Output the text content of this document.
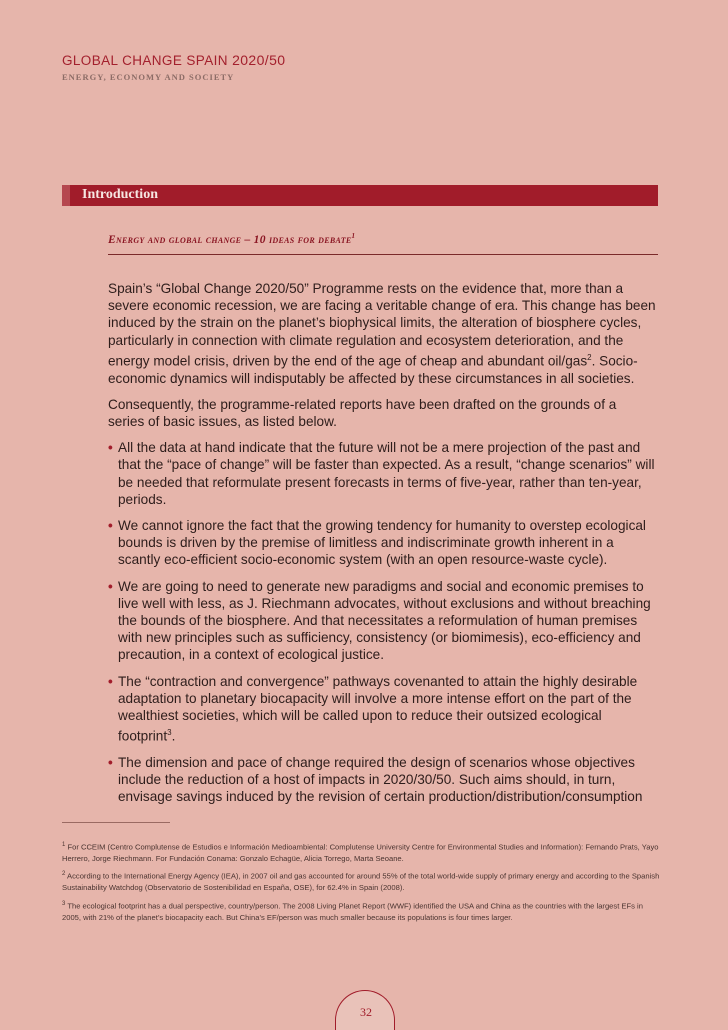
GLOBAL CHANGE SPAIN 2020/50
ENERGY, ECONOMY AND SOCIETY
Introduction
Energy and global change – 10 ideas for debate$^1$

Spain’s “Global Change 2020/50” Programme rests on the evidence that, more than a severe economic recession, we are facing a veritable change of era. This change has been induced by the strain on the planet’s biophysical limits, the alteration of biosphere cycles, particularly in connection with climate regulation and ecosystem deterioration, and the energy model crisis, driven by the end of the age of cheap and abundant oil/gas$^2$. Socio-economic dynamics will indisputably be affected by these circumstances in all societies.

Consequently, the programme-related reports have been drafted on the grounds of a series of basic issues, as listed below.

• All the data at hand indicate that the future will not be a mere projection of the past and that the “pace of change” will be faster than expected. As a result, “change scenarios” will be needed that reformulate present forecasts in terms of five-year, rather than ten-year, periods.
• We cannot ignore the fact that the growing tendency for humanity to overstep ecological bounds is driven by the premise of limitless and indiscriminate growth inherent in a scantly eco-efficient socio-economic system (with an open resource-waste cycle).
• We are going to need to generate new paradigms and social and economic premises to live well with less, as J. Riechmann advocates, without exclusions and without breaching the bounds of the biosphere. And that necessitates a reformulation of human premises with new principles such as sufficiency, consistency (or biomimesis), eco-efficiency and precaution, in a context of ecological justice.
• The “contraction and convergence” pathways covenanted to attain the highly desirable adaptation to planetary biocapacity will involve a more intense effort on the part of the wealthiest societies, which will be called upon to reduce their outsized ecological footprint$^3$.
• The dimension and pace of change required the design of scenarios whose objectives include the reduction of a host of impacts in 2020/30/50. Such aims should, in turn, envisage savings induced by the revision of certain production/distribution/consumption

$^1$ For CCEIM (Centro Complutense de Estudios e Información Medioambiental: Complutense University Centre for Environmental Studies and Information): Fernando Prats, Yayo Herrero, Jorge Riechmann. For Fundación Conama: Gonzalo Echagüe, Alicia Torrego, Marta Seoane.

$^2$ According to the International Energy Agency (IEA), in 2007 oil and gas accounted for around 55% of the total world-wide supply of primary energy and according to the Spanish Sustainability Watchdog (Observatorio de Sostenibilidad en España, OSE), for 62.4% in Spain (2008).

$^3$ The ecological footprint has a dual perspective, country/person. The 2008 Living Planet Report (WWF) identified the USA and China as the countries with the largest EFs in 2005, with 21% of the planet’s biocapacity each. But China’s EF/person was much smaller because its populations is four times larger.

32
